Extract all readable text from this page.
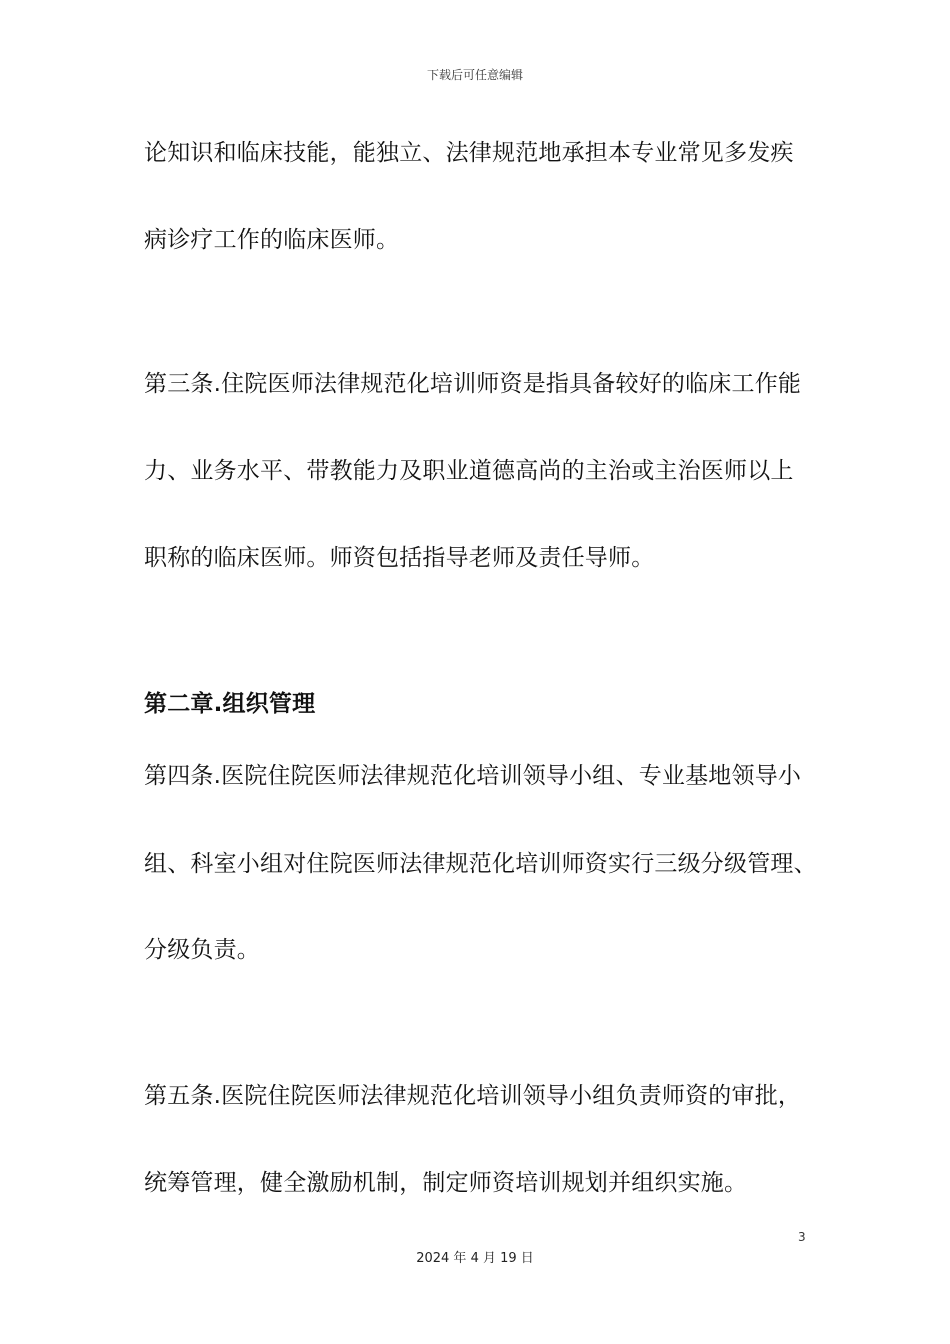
下载后可任意编辑
论知识和临床技能，能独立、法律规范地承担本专业常见多发疾
病诊疗工作的临床医师。
第三条.住院医师法律规范化培训师资是指具备较好的临床工作能
力、业务水平、带教能力及职业道德高尚的主治或主治医师以上
职称的临床医师。师资包括指导老师及责任导师。
第二章.组织管理
第四条.医院住院医师法律规范化培训领导小组、专业基地领导小
组、科室小组对住院医师法律规范化培训师资实行三级分级管理、
分级负责。
第五条.医院住院医师法律规范化培训领导小组负责师资的审批，
统筹管理，健全激励机制，制定师资培训规划并组织实施。
3
2024 年 4 月 19 日
